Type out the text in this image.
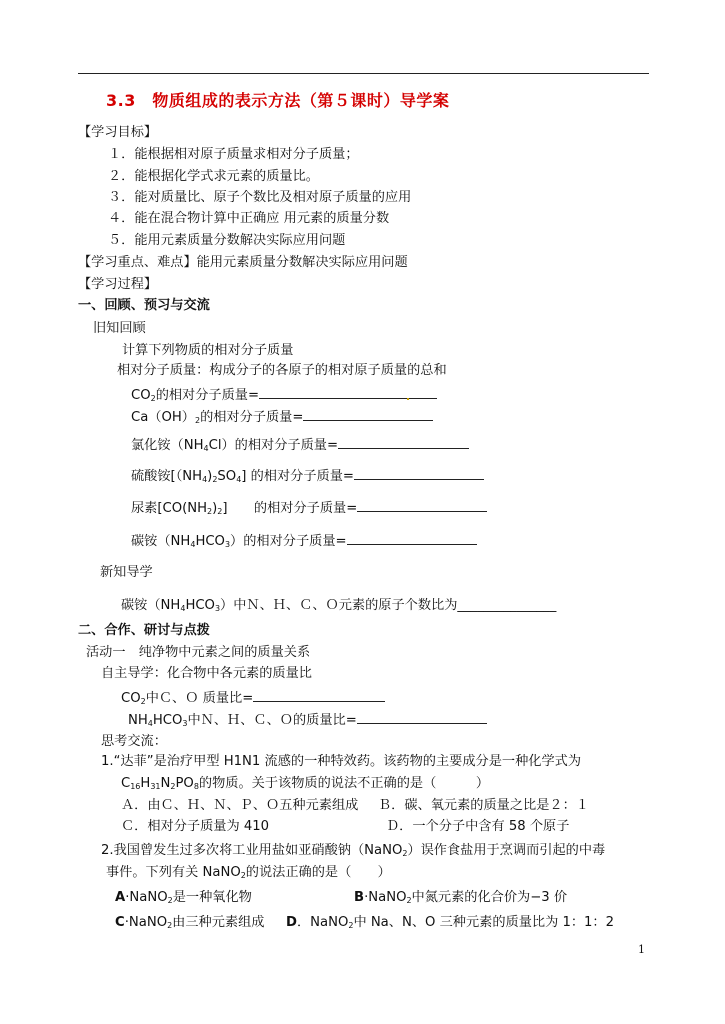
3.3　物质组成的表示方法（第５课时）导学案
【学习目标】
１．能根据相对原子质量求相对分子质量；
２．能根据化学式求元素的质量比。
３．能对质量比、原子个数比及相对原子质量的应用
４．能在混合物计算中正确应 用元素的质量分数
５．能用元素质量分数解决实际应用问题
【学习重点、难点】能用元素质量分数解决实际应用问题
【学习过程】
一、回顾、预习与交流
旧知回顾
计算下列物质的相对分子质量
相对分子质量：构成分子的各原子的相对原子质量的总和
$CO_2$的相对分子质量=
$Ca(OH)_2$的相对分子质量=
氯化铵$(NH_4Cl)$的相对分子质量=
硫酸铵$[(NH_4)_2SO_4]$ 的相对分子质量=
尿素$[CO(NH_2)_2]$　　的相对分子质量=
碳铵$(NH_4HCO_3)$的相对分子质量=
新知导学
碳铵$(NH_4HCO_3)$中Ｎ、Ｈ、Ｃ、Ｏ元素的原子个数比为_______________
二、合作、研讨与点拨
活动一　纯净物中元素之间的质量关系
自主导学：化合物中各元素的质量比
$CO_2$中Ｃ、Ｏ 质量比=
$NH_4HCO_3$中Ｎ、Ｈ、Ｃ、Ｏ的质量比=
思考交流：
1.“达菲”是治疗甲型 H1N1 流感的一种特效药。该药物的主要成分是一种化学式为
$C_{16}H_{31}N_2PO_8$的物质。关于该物质的说法不正确的是（　　　）
Ａ．由Ｃ、Ｈ、Ｎ、Ｐ、Ｏ五种元素组成 Ｂ．碳、氧元素的质量之比是２：１
Ｃ．相对分子质量为 410	Ｄ．一个分子中含有 58 个原子
2.我国曾发生过多次将工业用盐如亚硝酸钠（NaNO$_2$）误作食盐用于烹调而引起的中毒
事件。下列有关 NaNO$_2$的说法正确的是（　　）
A·NaNO$_2$是一种氧化物	B·NaNO$_2$中氮元素的化合价为−3 价
C·NaNO$_2$由三种元素组成 D．NaNO$_2$中 Na、N、O 三种元素的质量比为 1：1：2
1
